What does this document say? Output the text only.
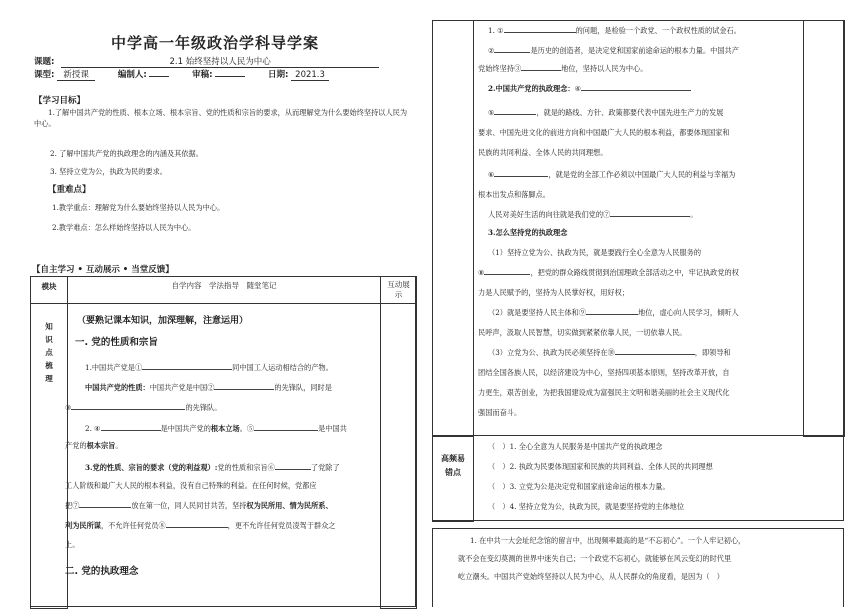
中学高一年级政治学科导学案
课题:	2.1 始终坚持以人民为中心
课型: 新授课	编制人:	审稿:	日期: 2021.3
【学习目标】
1.了解中国共产党的性质、根本立场、根本宗旨、党的性质和宗旨的要求，从而理解党为什么要始终坚持以人民为中心。
2. 了解中国共产党的执政理念的内涵及其依据。
3. 坚持立党为公，执政为民的要求。
【重难点】
1.教学重点：理解党为什么要始终坚持以人民为中心。
2.教学难点：怎么样始终坚持以人民为中心。
【自主学习 • 互动展示 • 当堂反馈】
模块	自学内容　学法指导　随堂笔记	互动展示
知识点梳理
（要熟记课本知识，加深理解，注意运用）
一. 党的性质和宗旨
1.中国共产党是①	同中国工人运动相结合的产物。
中国共产党的性质：中国共产党是中国②	的先锋队，同时是
③	的先锋队。
2. ④	是中国共产党的根本立场。⑤	是中国共
产党的根本宗旨。
3.党的性质、宗旨的要求（党的利益观）:党的性质和宗旨⑥	了党除了
工人阶级和最广大人民的根本利益，没有自己特殊的利益。在任何时候，党都应
把⑦	放在第一位，同人民同甘共苦，坚持权为民所用、情为民所系、
利为民所谋，不允许任何党员⑧	，更不允许任何党员凌驾于群众之
上。
二. 党的执政理念
1. ①	的问题，是检验一个政党、一个政权性质的试金石。
②	是历史的创造者，是决定党和国家前途命运的根本力量。中国共产
党始终坚持③	地位，坚持以人民为中心。
2.中国共产党的执政理念：④
⑤	，就是的路线、方针、政策都要代表中国先进生产力的发展
要求、中国先进文化的前进方向和中国最广大人民的根本利益，都要体现国家和
民族的共同利益、全体人民的共同理想。
⑥	，就是党的全部工作必须以中国最广大人民的利益与幸福为
根本出发点和落脚点。
人民对美好生活的向往就是我们党的⑦	。
3.怎么坚持党的执政理念
（1）坚持立党为公、执政为民，就是要践行全心全意为人民服务的
⑧	，把党的群众路线贯彻到治国理政全部活动之中，牢记执政党的权
力是人民赋予的，坚持为人民掌好权，用好权；
（2）就是要坚持人民主体和⑨	地位，虚心向人民学习，倾听人
民呼声，汲取人民智慧，切实做到紧紧依靠人民，一切依靠人民。
（3）立党为公、执政为民必须坚持在⑩	，即领导和
团结全国各族人民，以经济建设为中心，坚持四项基本原则，坚持改革开放，自
力更生，艰苦创业，为把我国建设成为富强民主文明和谐美丽的社会主义现代化
强国而奋斗。
高频易错点
（　）1. 全心全意为人民服务是中国共产党的执政理念
（　）2. 执政为民要体现国家和民族的共同利益、全体人民的共同理想
（　）3. 立党为公是决定党和国家前途命运的根本力量。
（　）4. 坚持立党为公，执政为民，就是要坚持党的主体地位
1. 在中共一大会址纪念馆的留言中，出现频率最高的是“不忘初心”。一个人牢记初心，
就不会在变幻莫测的世界中迷失自己；一个政党不忘初心，就能够在风云变幻的时代里
屹立潮头。中国共产党始终坚持以人民为中心，从人民群众的角度看，是因为（　）
